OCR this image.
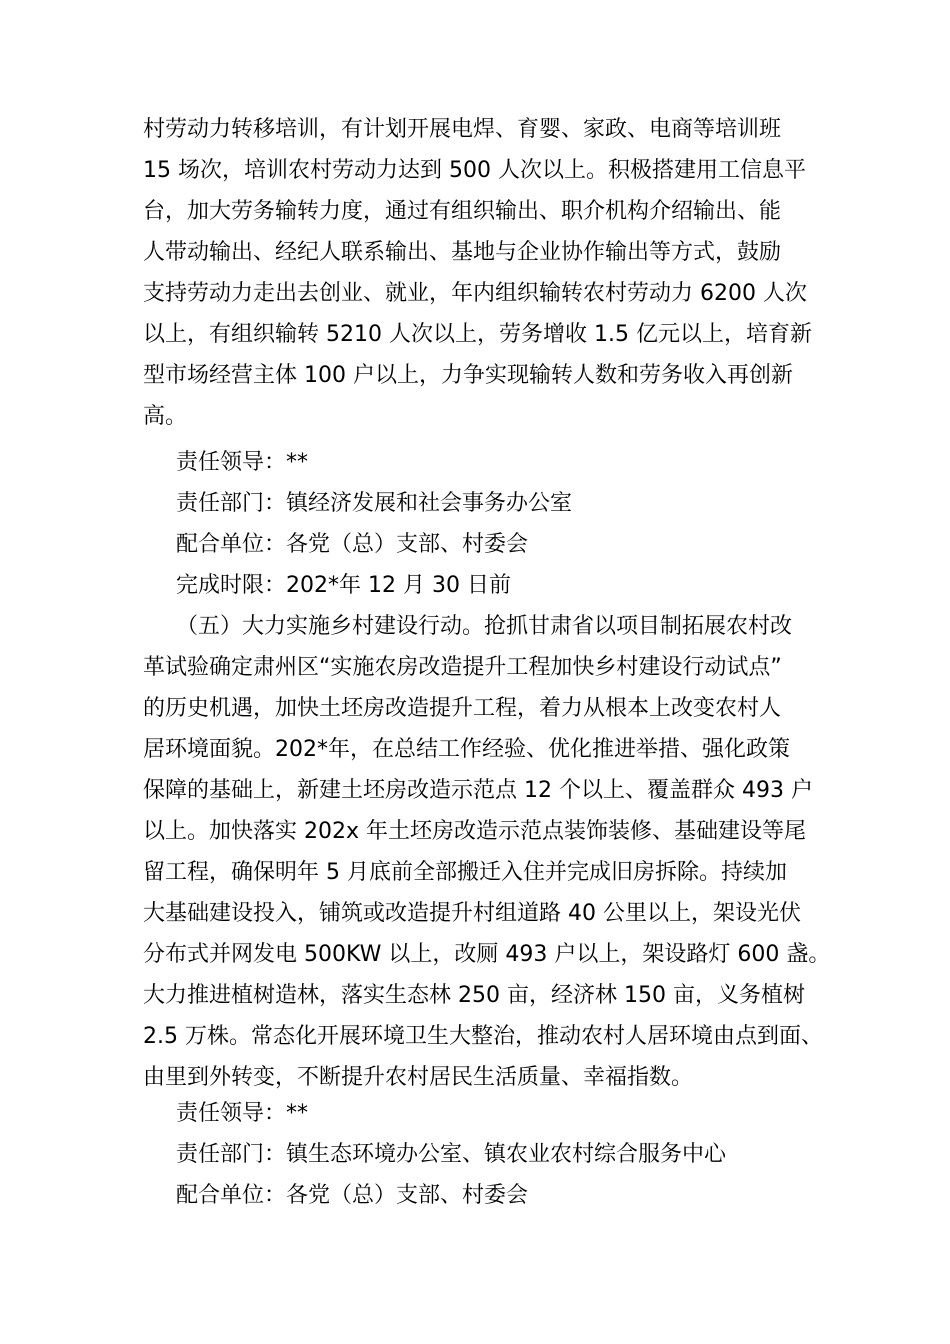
村劳动力转移培训，有计划开展电焊、育婴、家政、电商等培训班
15 场次，培训农村劳动力达到 500 人次以上。积极搭建用工信息平
台，加大劳务输转力度，通过有组织输出、职介机构介绍输出、能
人带动输出、经纪人联系输出、基地与企业协作输出等方式，鼓励
支持劳动力走出去创业、就业，年内组织输转农村劳动力 6200 人次
以上，有组织输转 5210 人次以上，劳务增收 1.5 亿元以上，培育新
型市场经营主体 100 户以上，力争实现输转人数和劳务收入再创新
高。
责任领导：**
责任部门：镇经济发展和社会事务办公室
配合单位：各党（总）支部、村委会
完成时限：202*年 12 月 30 日前
（五）大力实施乡村建设行动。抢抓甘肃省以项目制拓展农村改
革试验确定肃州区“实施农房改造提升工程加快乡村建设行动试点”
的历史机遇，加快土坯房改造提升工程，着力从根本上改变农村人
居环境面貌。202*年，在总结工作经验、优化推进举措、强化政策
保障的基础上，新建土坯房改造示范点 12 个以上、覆盖群众 493 户
以上。加快落实 202x 年土坯房改造示范点装饰装修、基础建设等尾
留工程，确保明年 5 月底前全部搬迁入住并完成旧房拆除。持续加
大基础建设投入，铺筑或改造提升村组道路 40 公里以上，架设光伏
分布式并网发电 500KW 以上，改厕 493 户以上，架设路灯 600 盏。
大力推进植树造林，落实生态林 250 亩，经济林 150 亩，义务植树
2.5 万株。常态化开展环境卫生大整治，推动农村人居环境由点到面、
由里到外转变，不断提升农村居民生活质量、幸福指数。
责任领导：**
责任部门：镇生态环境办公室、镇农业农村综合服务中心
配合单位：各党（总）支部、村委会
